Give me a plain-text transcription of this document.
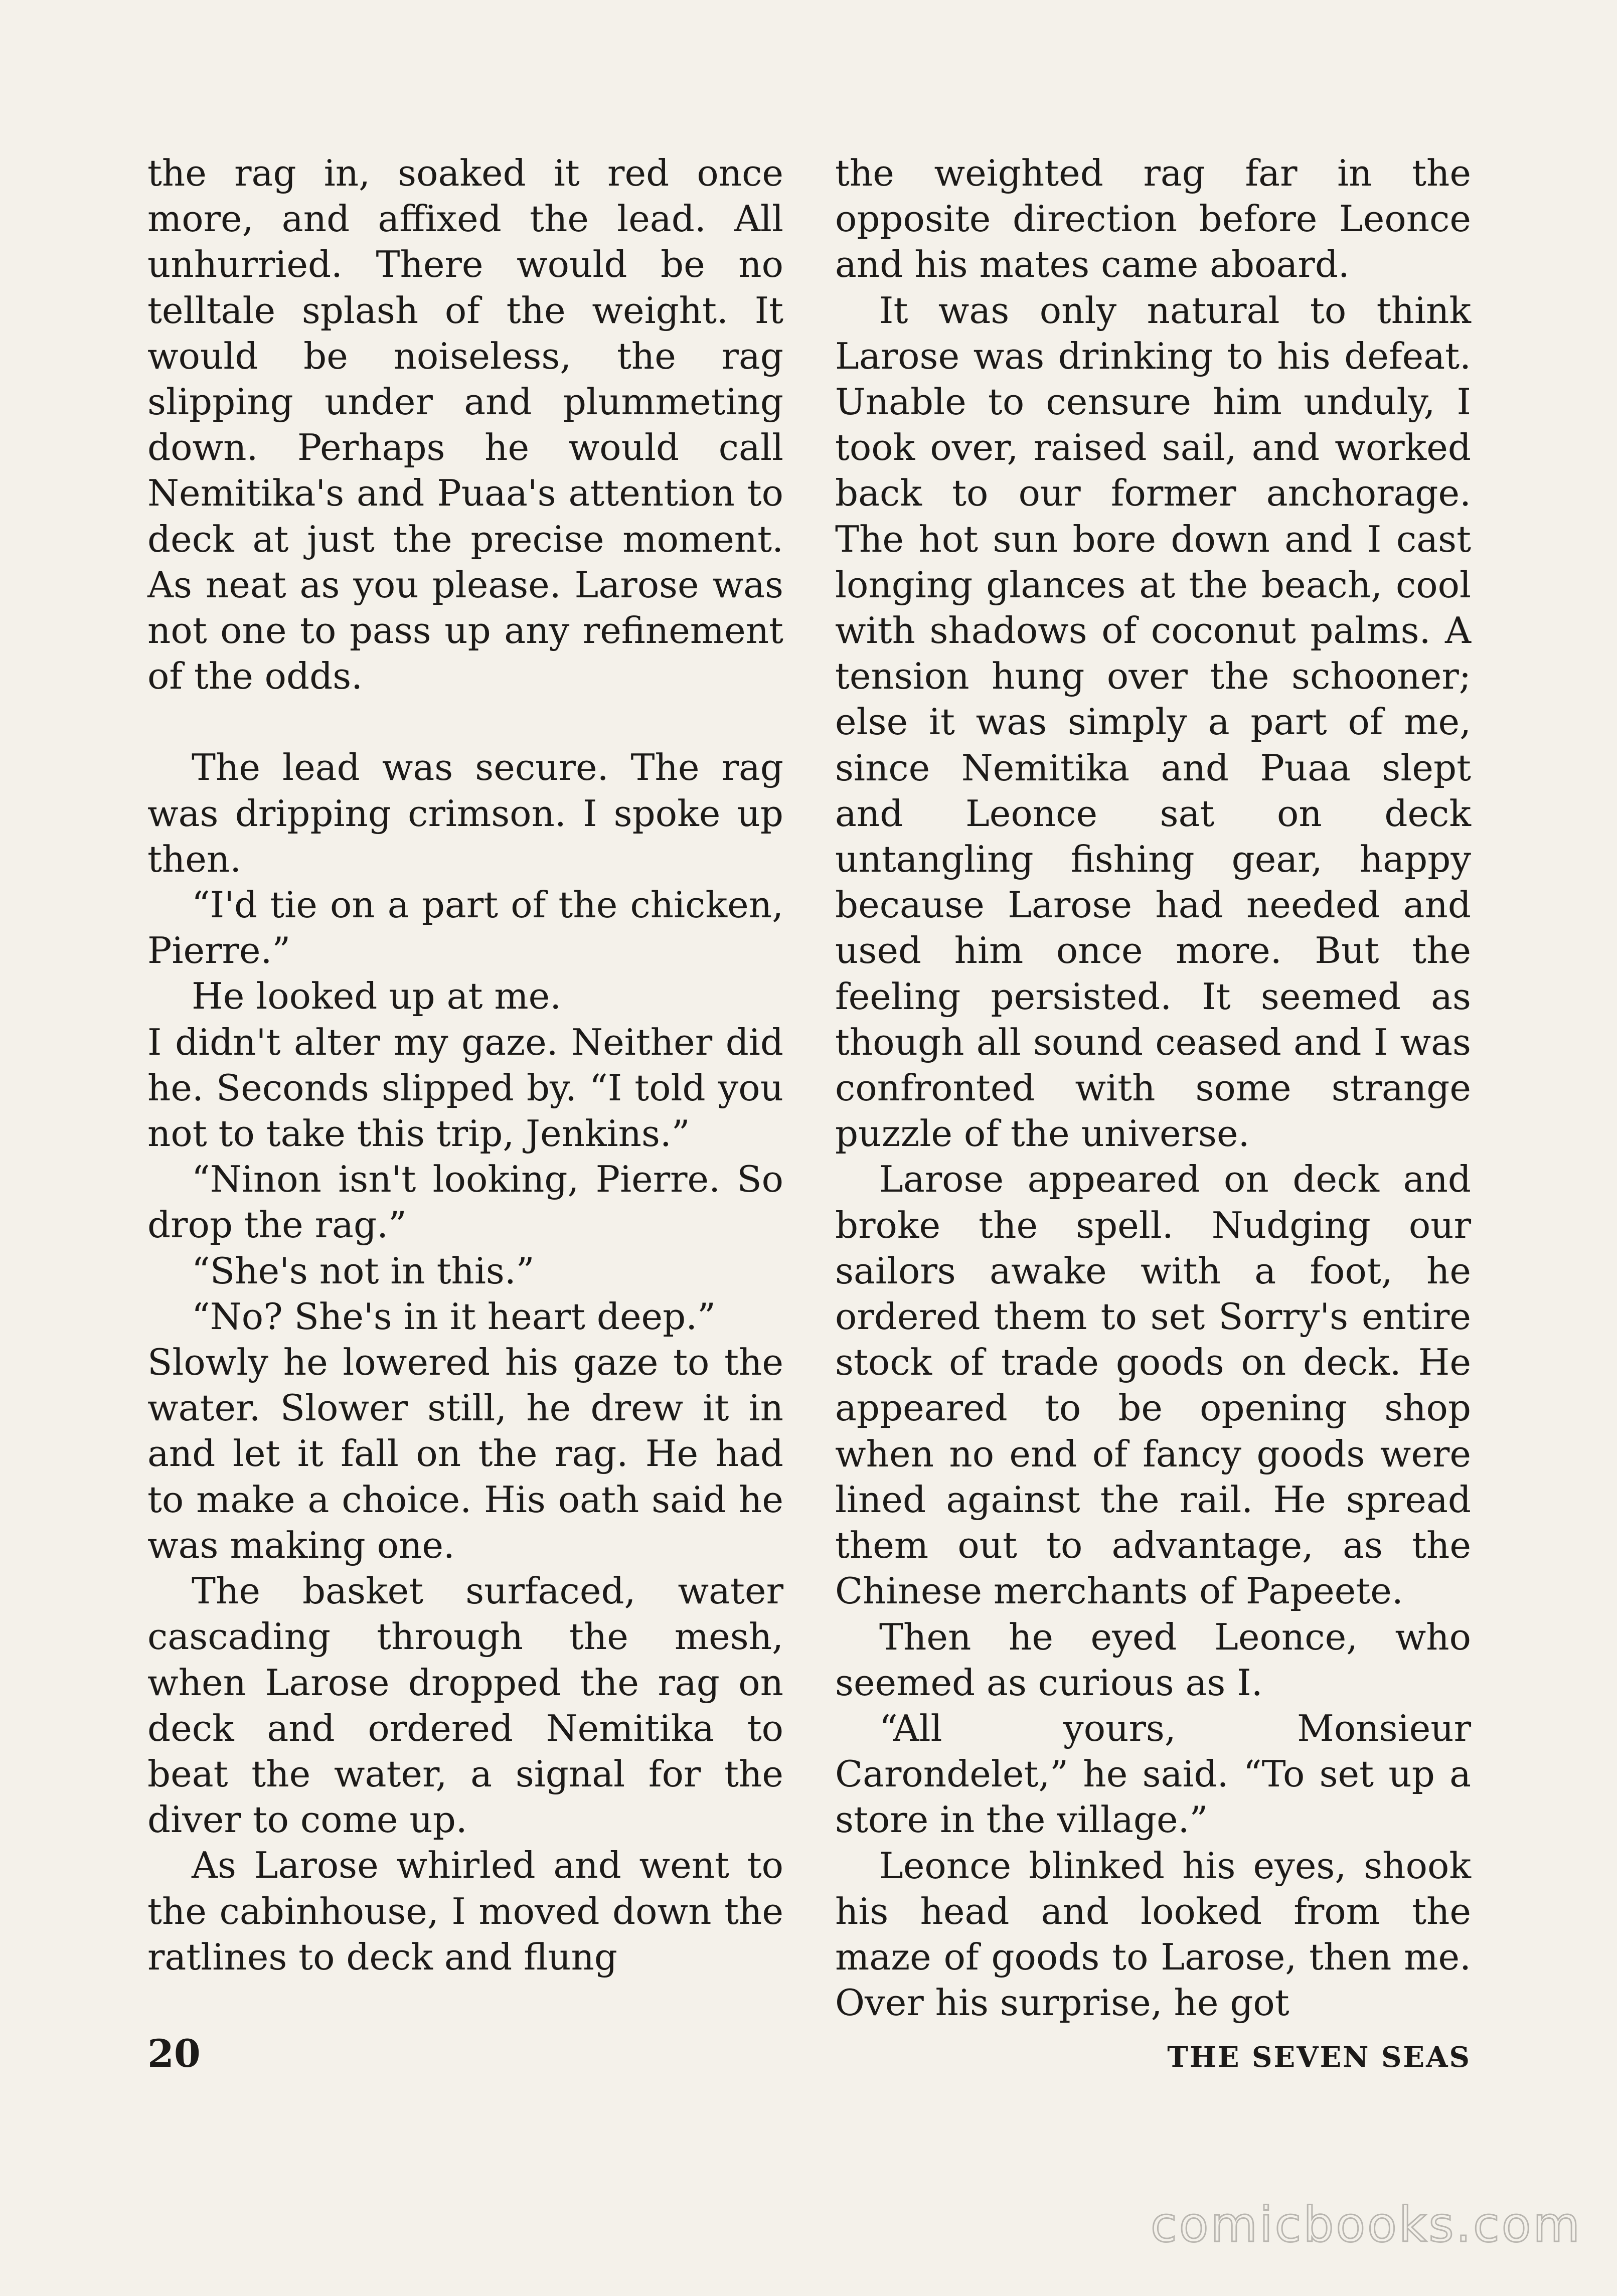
the rag in, soaked it red once more, and affixed the lead. All unhurried. There would be no telltale splash of the weight. It would be noiseless, the rag slipping under and plummeting down. Perhaps he would call Nemitika's and Puaa's attention to deck at just the precise moment. As neat as you please. Larose was not one to pass up any refinement of the odds.

The lead was secure. The rag was dripping crimson. I spoke up then.

“I'd tie on a part of the chicken, Pierre.”

He looked up at me.

I didn't alter my gaze. Neither did he. Seconds slipped by. “I told you not to take this trip, Jenkins.”

“Ninon isn't looking, Pierre. So drop the rag.”

“She's not in this.”

“No? She's in it heart deep.”

Slowly he lowered his gaze to the water. Slower still, he drew it in and let it fall on the rag. He had to make a choice. His oath said he was making one.

The basket surfaced, water cascading through the mesh, when Larose dropped the rag on deck and ordered Nemitika to beat the water, a signal for the diver to come up.

As Larose whirled and went to the cabinhouse, I moved down the ratlines to deck and flung

the weighted rag far in the opposite direction before Leonce and his mates came aboard.

It was only natural to think Larose was drinking to his defeat. Unable to censure him unduly, I took over, raised sail, and worked back to our former anchorage. The hot sun bore down and I cast longing glances at the beach, cool with shadows of coconut palms. A tension hung over the schooner; else it was simply a part of me, since Nemitika and Puaa slept and Leonce sat on deck untangling fishing gear, happy because Larose had needed and used him once more. But the feeling persisted. It seemed as though all sound ceased and I was confronted with some strange puzzle of the universe.

Larose appeared on deck and broke the spell. Nudging our sailors awake with a foot, he ordered them to set Sorry's entire stock of trade goods on deck. He appeared to be opening shop when no end of fancy goods were lined against the rail. He spread them out to advantage, as the Chinese merchants of Papeete.

Then he eyed Leonce, who seemed as curious as I.

“All yours, Monsieur Carondelet,” he said. “To set up a store in the village.”

Leonce blinked his eyes, shook his head and looked from the maze of goods to Larose, then me. Over his surprise, he got

20	THE SEVEN SEAS
comicbooks.com
